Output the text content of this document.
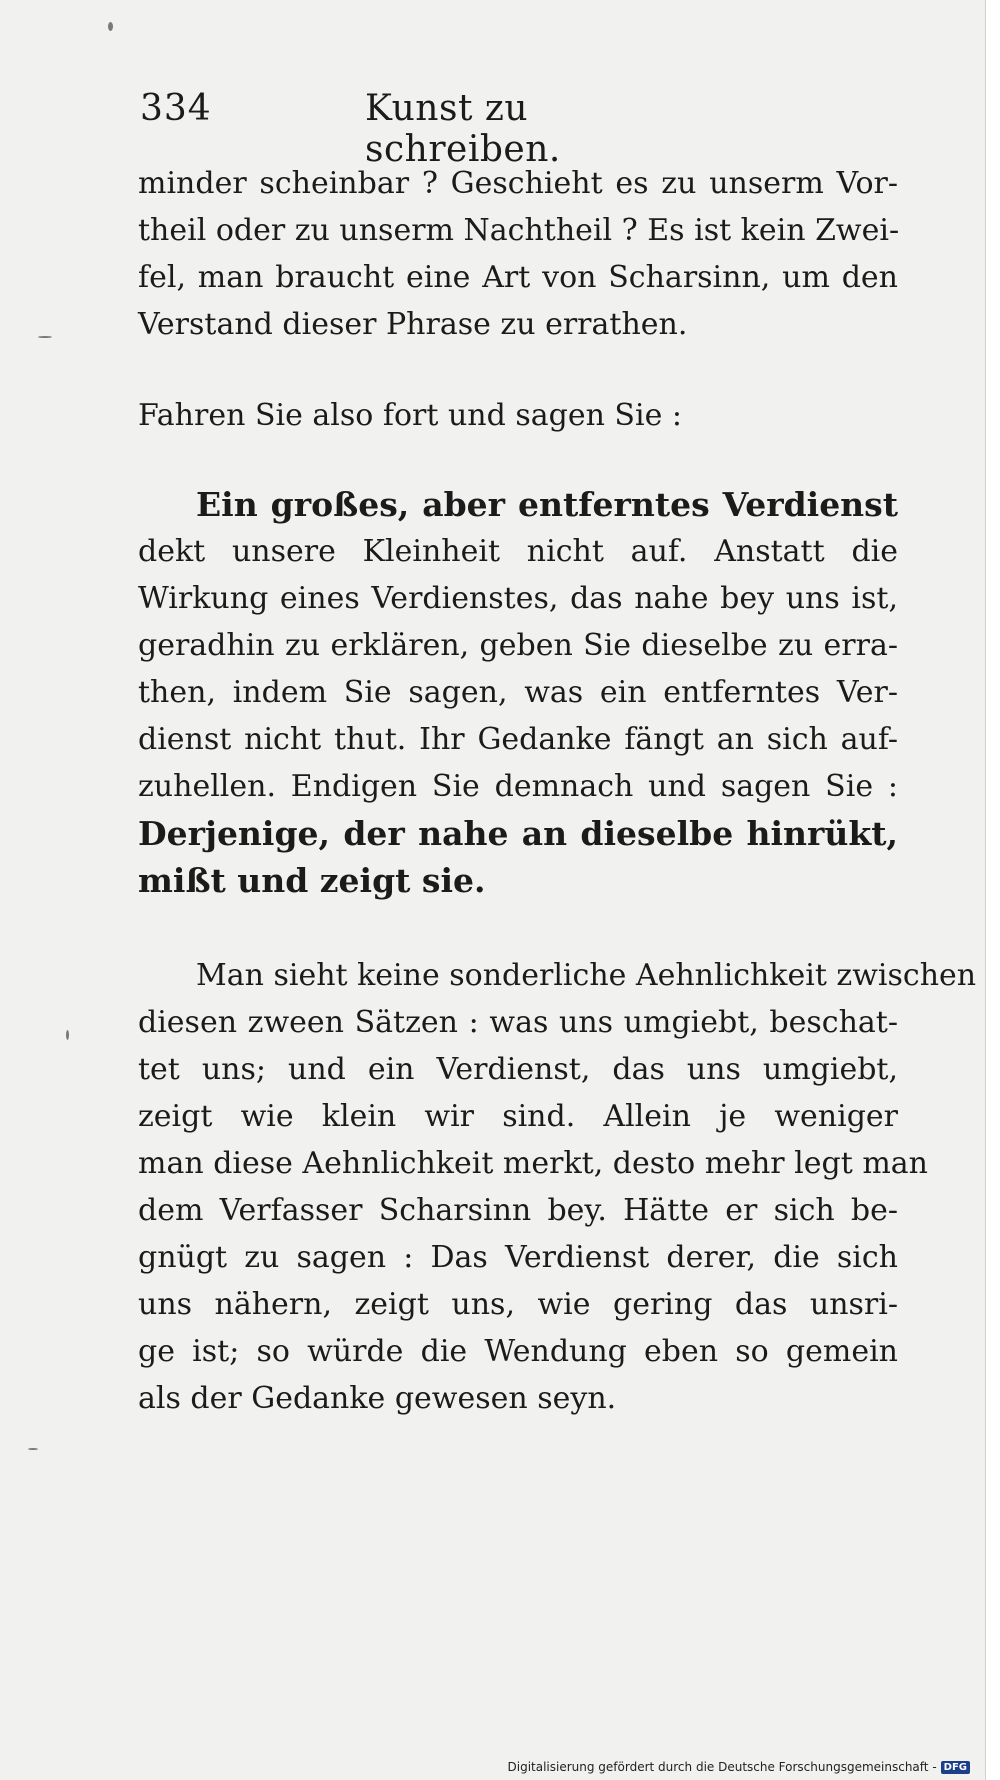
334	Kunst zu schreiben.
minder scheinbar ? Geschieht es zu unserm Vor-
theil oder zu unserm Nachtheil ? Es ist kein Zwei-
fel, man braucht eine Art von Scharsinn, um den
Verstand dieser Phrase zu errathen.
Fahren Sie also fort und sagen Sie :
Ein großes, aber entferntes Verdienst
dekt unsere Kleinheit nicht auf. Anstatt die
Wirkung eines Verdienstes, das nahe bey uns ist,
geradhin zu erklären, geben Sie dieselbe zu erra-
then, indem Sie sagen, was ein entferntes Ver-
dienst nicht thut. Ihr Gedanke fängt an sich auf-
zuhellen. Endigen Sie demnach und sagen Sie :
Derjenige, der nahe an dieselbe hinrükt,
mißt und zeigt sie.
Man sieht keine sonderliche Aehnlichkeit zwischen
diesen zween Sätzen : was uns umgiebt, beschat-
tet uns; und ein Verdienst, das uns umgiebt,
zeigt wie klein wir sind. Allein je weniger
man diese Aehnlichkeit merkt, desto mehr legt man
dem Verfasser Scharsinn bey. Hätte er sich be-
gnügt zu sagen : Das Verdienst derer, die sich
uns nähern, zeigt uns, wie gering das unsri-
ge ist; so würde die Wendung eben so gemein
als der Gedanke gewesen seyn.
Digitalisierung gefördert durch die Deutsche Forschungsgemeinschaft - DFG
